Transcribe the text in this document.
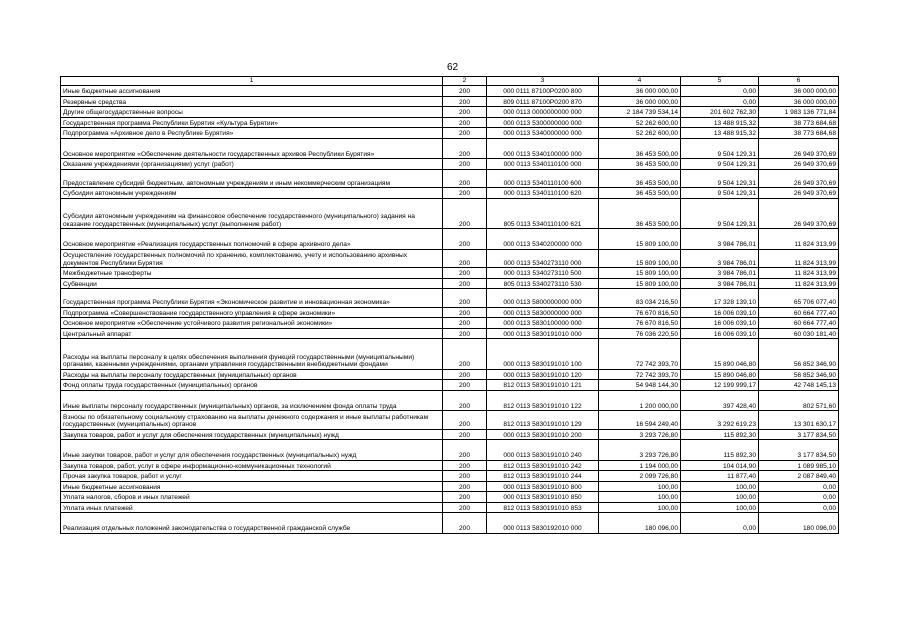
62
1	2	3	4	5	6
Иные бюджетные ассигнования	200	000 0111 87100P0200 800	36 000 000,00	0,00	36 000 000,00
Резервные средства	200	809 0111 87100P0200 870	36 000 000,00	0,00	36 000 000,00
Другие общегосударственные вопросы	200	000 0113 0000000000 000	2 184 739 534,14	201 602 762,30	1 983 136 771,84
Государственная программа Республики Бурятия «Культура Бурятии»	200	000 0113 5300000000 000	52 262 600,00	13 488 915,32	38 773 684,68
Подпрограмма «Архивное дело в Республике Бурятия»	200	000 0113 5340000000 000	52 262 600,00	13 488 915,32	38 773 684,68
Основное мероприятие «Обеспечение деятельности государственных архивов Республики Бурятия»	200	000 0113 5340100000 000	36 453 500,00	9 504 129,31	26 949 370,69
Оказание учреждениями (организациями) услуг (работ)	200	000 0113 5340110100 000	36 453 500,00	9 504 129,31	26 949 370,69
Предоставление субсидий бюджетным, автономным учреждениям и иным некоммерческим организациям	200	000 0113 5340110100 600	36 453 500,00	9 504 129,31	26 949 370,69
Субсидии автономным учреждениям	200	000 0113 5340110100 620	36 453 500,00	9 504 129,31	26 949 370,69
Субсидии автономным учреждениям на финансовое обеспечение государственного (муниципального) задания на оказание государственных (муниципальных) услуг (выполнение работ)	200	805 0113 5340110100 621	36 453 500,00	9 504 129,31	26 949 370,69
Основное мероприятие «Реализация государственных полномочий в сфере архивного дела»	200	000 0113 5340200000 000	15 809 100,00	3 984 786,01	11 824 313,99
Осуществление государственных полномочий по хранению, комплектованию, учету и использованию архивных документов Республики Бурятия	200	000 0113 5340273110 000	15 809 100,00	3 984 786,01	11 824 313,99
Межбюджетные трансферты	200	000 0113 5340273110 500	15 809 100,00	3 984 786,01	11 824 313,99
Субвенции	200	805 0113 5340273110 530	15 809 100,00	3 984 786,01	11 824 313,99
Государственная программа Республики Бурятия «Экономическое развитие и инновационная экономика»	200	000 0113 5800000000 000	83 034 216,50	17 328 139,10	65 706 077,40
Подпрограмма «Совершенствование государственного управления в сфере экономики»	200	000 0113 5830000000 000	76 670 816,50	16 006 039,10	60 664 777,40
Основное мероприятие «Обеспечение устойчивого развития региональной экономики»	200	000 0113 5830100000 000	76 670 816,50	16 006 039,10	60 664 777,40
Центральный аппарат	200	000 0113 5830191010 000	76 036 220,50	16 006 039,10	60 030 181,40
Расходы на выплаты персоналу в целях обеспечения выполнения функций государственными (муниципальными) органами, казенными учреждениями, органами управления государственными внебюджетными фондами	200	000 0113 5830191010 100	72 742 393,70	15 890 046,80	56 852 346,90
Расходы на выплаты персоналу государственных (муниципальных) органов	200	000 0113 5830191010 120	72 742 393,70	15 890 046,80	56 852 346,90
Фонд оплаты труда государственных (муниципальных) органов	200	812 0113 5830191010 121	54 948 144,30	12 199 999,17	42 748 145,13
Иные выплаты персоналу государственных (муниципальных) органов, за исключением фонда оплаты труда	200	812 0113 5830191010 122	1 200 000,00	397 428,40	802 571,60
Взносы по обязательному социальному страхованию на выплаты денежного содержания и иные выплаты работникам государственных (муниципальных) органов	200	812 0113 5830191010 129	16 594 249,40	3 292 619,23	13 301 630,17
Закупка товаров, работ и услуг для обеспечения государственных (муниципальных) нужд	200	000 0113 5830191010 200	3 293 726,80	115 892,30	3 177 834,50
Иные закупки товаров, работ и услуг для обеспечения государственных (муниципальных) нужд	200	000 0113 5830191010 240	3 293 726,80	115 892,30	3 177 834,50
Закупка товаров, работ, услуг в сфере информационно-коммуникационных технологий	200	812 0113 5830191010 242	1 194 000,00	104 014,90	1 089 985,10
Прочая закупка товаров, работ и услуг	200	812 0113 5830191010 244	2 099 726,80	11 877,40	2 087 849,40
Иные бюджетные ассигнования	200	000 0113 5830191010 800	100,00	100,00	0,00
Уплата налогов, сборов и иных платежей	200	000 0113 5830191010 850	100,00	100,00	0,00
Уплата иных платежей	200	812 0113 5830191010 853	100,00	100,00	0,00
Реализация отдельных положений законодательства о государственной гражданской службе	200	000 0113 5830192010 000	180 096,00	0,00	180 096,00
